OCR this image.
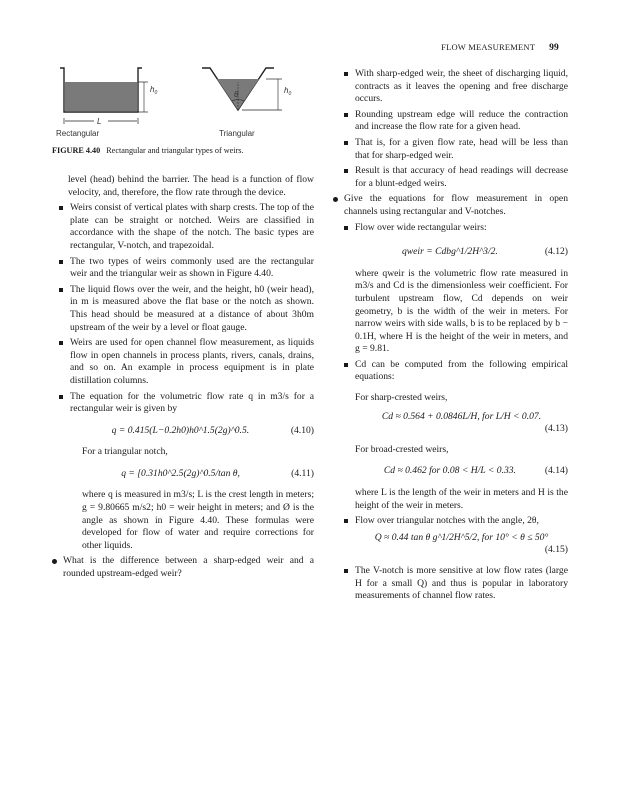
FLOW MEASUREMENT 99
$h_0$
L
Rectangular
θ	$h_0$
Triangular
FIGURE 4.40 Rectangular and triangular types of weirs.
level (head) behind the barrier. The head is a function of flow velocity, and, therefore, the flow rate through the device.
Weirs consist of vertical plates with sharp crests. The top of the plate can be straight or notched. Weirs are classified in accordance with the shape of the notch. The basic types are rectangular, V-notch, and trapezoidal.
The two types of weirs commonly used are the rectangular weir and the triangular weir as shown in Figure 4.40.
The liquid flows over the weir, and the height, h0 (weir head), in m is measured above the flat base or the notch as shown. This head should be measured at a distance of about 3h0m upstream of the weir by a level or float gauge.
Weirs are used for open channel flow measurement, as liquids flow in open channels in process plants, rivers, canals, drains, and so on. An example in process equipment is in plate distillation columns.
The equation for the volumetric flow rate q in m3/s for a rectangular weir is given by
q = 0.415(L−0.2h0)h0^1.5(2g)^0.5.	(4.10)
For a triangular notch,
q = [0.31h0^2.5(2g)^0.5/tan θ,	(4.11)
where q is measured in m3/s; L is the crest length in meters; g = 9.80665 m/s2; h0 = weir height in meters; and Ø is the angle as shown in Figure 4.40. These formulas were developed for flow of water and require corrections for other liquids.
What is the difference between a sharp-edged weir and a rounded upstream-edged weir?
With sharp-edged weir, the sheet of discharging liquid, contracts as it leaves the opening and free discharge occurs.
Rounding upstream edge will reduce the contraction and increase the flow rate for a given head.
That is, for a given flow rate, head will be less than that for sharp-edged weir.
Result is that accuracy of head readings will decrease for a blunt-edged weirs.
Give the equations for flow measurement in open channels using rectangular and V-notches.
Flow over wide rectangular weirs:
qweir = Cdbg^1/2H^3/2.	(4.12)
where qweir is the volumetric flow rate measured in m3/s and Cd is the dimensionless weir coefficient. For turbulent upstream flow, Cd depends on weir geometry, b is the width of the weir in meters. For narrow weirs with side walls, b is to be replaced by b − 0.1H, where H is the height of the weir in meters, and g = 9.81.
Cd can be computed from the following empirical equations:
For sharp-crested weirs,
Cd ≈ 0.564 + 0.0846L/H, for L/H < 0.07.
(4.13)
For broad-crested weirs,
Cd ≈ 0.462 for 0.08 < H/L < 0.33.	(4.14)
where L is the length of the weir in meters and H is the height of the weir in meters.
Flow over triangular notches with the angle, 2θ,
Q ≈ 0.44 tan θ g^1/2H^5/2, for 10° < θ ≤ 50°
(4.15)
The V-notch is more sensitive at low flow rates (large H for a small Q) and thus is popular in laboratory measurements of channel flow rates.
